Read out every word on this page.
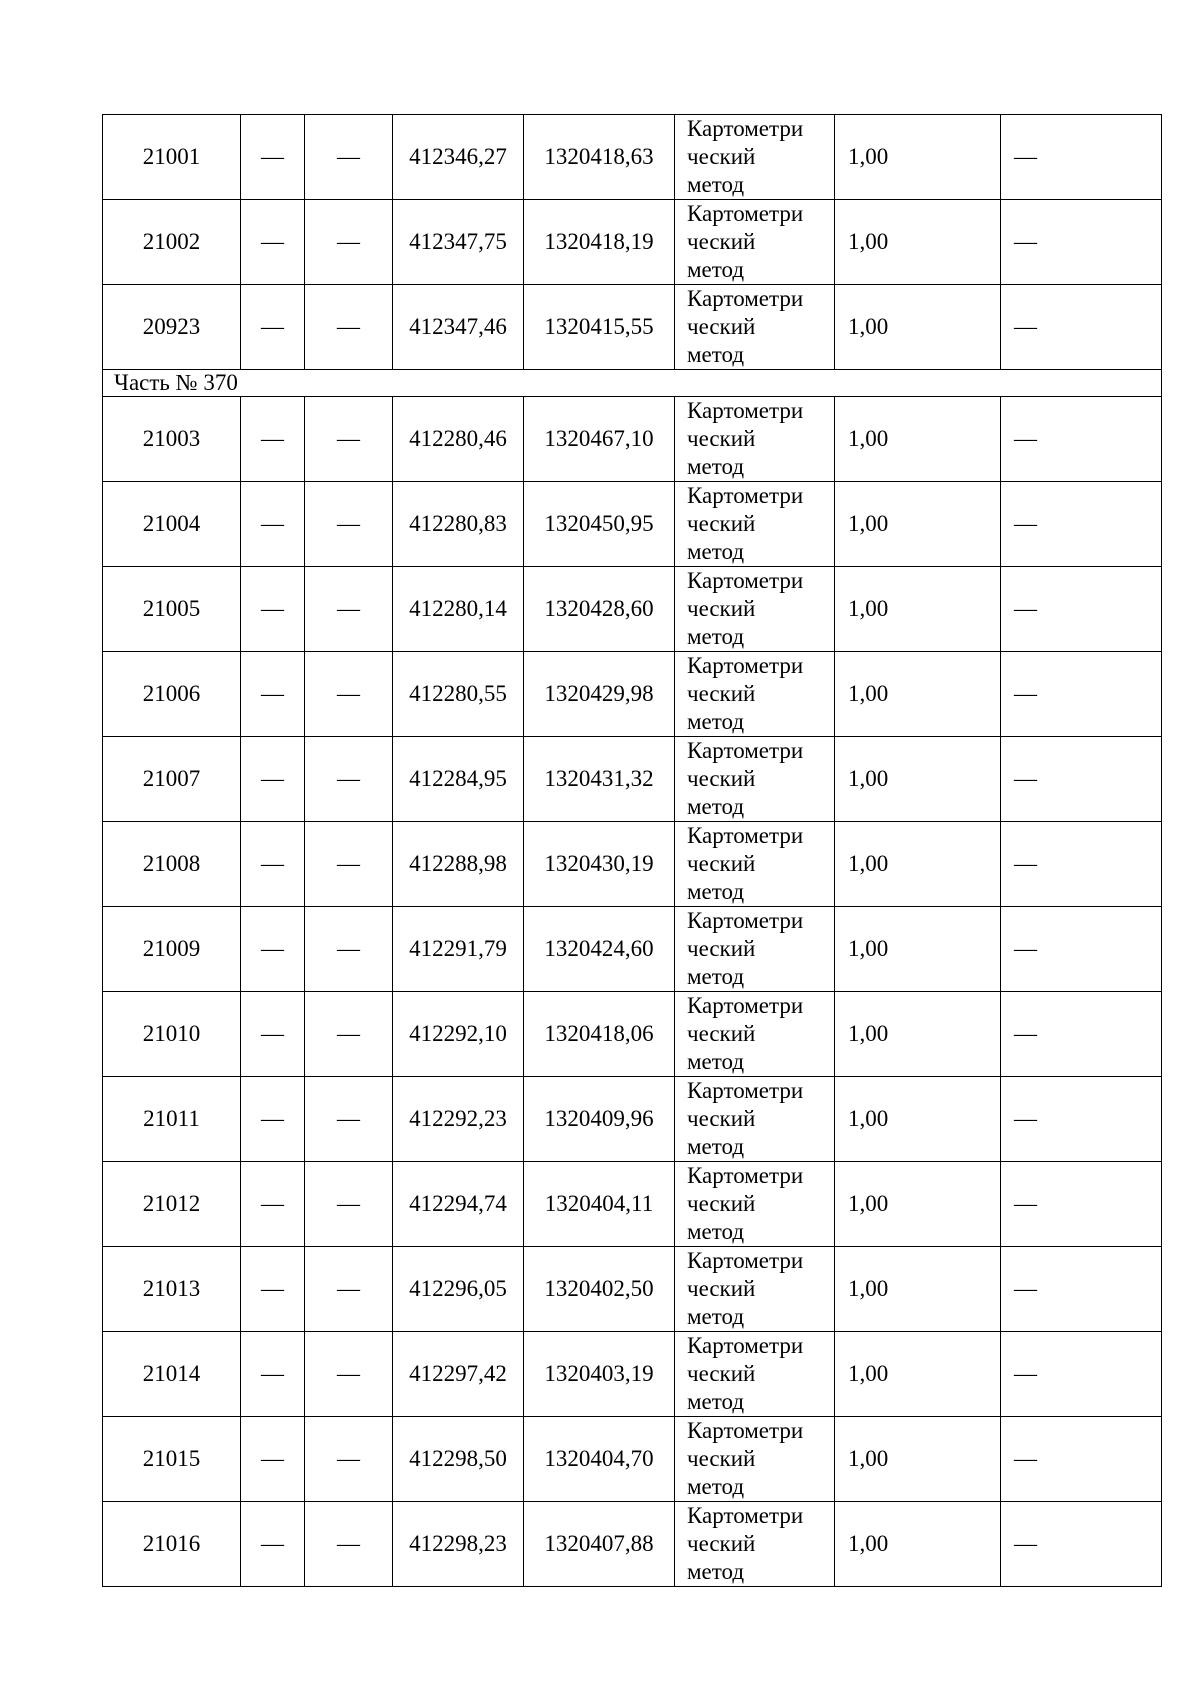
21001	—	—	412346,27	1320418,63	Картометри
ческий
метод	1,00	—
21002	—	—	412347,75	1320418,19	Картометри
ческий
метод	1,00	—
20923	—	—	412347,46	1320415,55	Картометри
ческий
метод	1,00	—
Часть № 370							
21003	—	—	412280,46	1320467,10	Картометри
ческий
метод	1,00	—
21004	—	—	412280,83	1320450,95	Картометри
ческий
метод	1,00	—
21005	—	—	412280,14	1320428,60	Картометри
ческий
метод	1,00	—
21006	—	—	412280,55	1320429,98	Картометри
ческий
метод	1,00	—
21007	—	—	412284,95	1320431,32	Картометри
ческий
метод	1,00	—
21008	—	—	412288,98	1320430,19	Картометри
ческий
метод	1,00	—
21009	—	—	412291,79	1320424,60	Картометри
ческий
метод	1,00	—
21010	—	—	412292,10	1320418,06	Картометри
ческий
метод	1,00	—
21011	—	—	412292,23	1320409,96	Картометри
ческий
метод	1,00	—
21012	—	—	412294,74	1320404,11	Картометри
ческий
метод	1,00	—
21013	—	—	412296,05	1320402,50	Картометри
ческий
метод	1,00	—
21014	—	—	412297,42	1320403,19	Картометри
ческий
метод	1,00	—
21015	—	—	412298,50	1320404,70	Картометри
ческий
метод	1,00	—
21016	—	—	412298,23	1320407,88	Картометри
ческий
метод	1,00	—
